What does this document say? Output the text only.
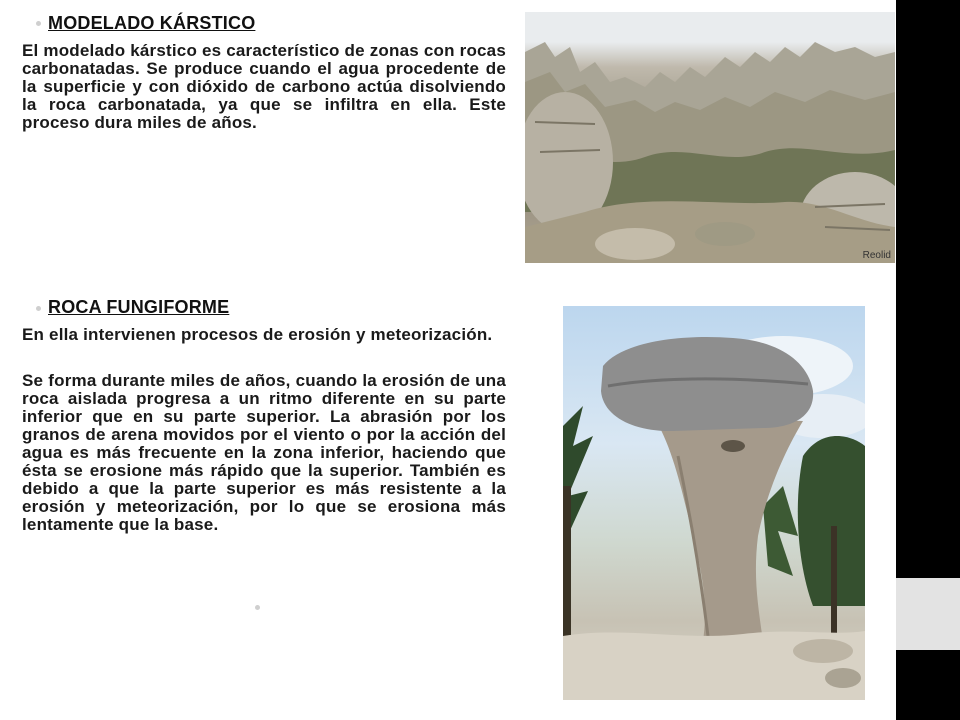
MODELADO KÁRSTICO

El modelado kárstico es característico de zonas con rocas carbonatadas. Se produce cuando el agua procedente de la superficie y con dióxido de carbono actúa disolviendo la roca carbonatada, ya que se infiltra en ella. Este proceso dura miles de años.

Reolid
ROCA FUNGIFORME

En ella intervienen procesos de erosión y meteorización.

Se forma durante miles de años, cuando la erosión de una roca aislada progresa a un ritmo diferente en su parte inferior que en su parte superior. La abrasión por los granos de arena movidos por el viento o por la acción del agua es más frecuente en la zona inferior, haciendo que ésta se erosione más rápido que la superior. También es debido a que la parte superior es más resistente a la erosión y meteorización, por lo que se erosiona más lentamente que la base.
